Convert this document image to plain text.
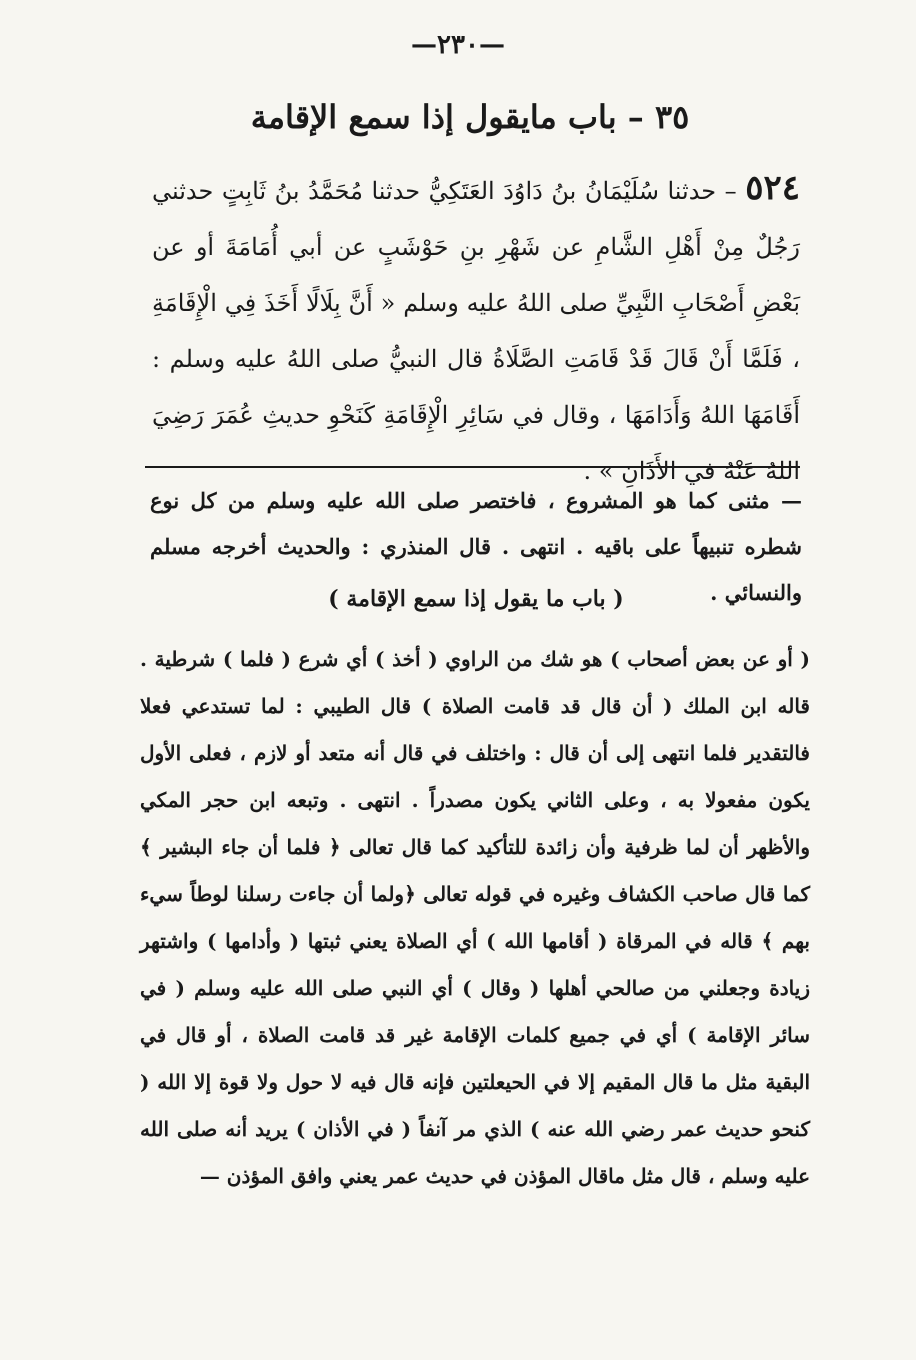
—٢٣٠—
٣٥ – باب مايقول إذا سمع الإقامة
٥٢٤ – حدثنا سُلَيْمَانُ بنُ دَاوُدَ العَتَكِيُّ حدثنا مُحَمَّدُ بنُ ثَابِتٍ حدثني رَجُلٌ مِنْ أَهْلِ الشَّامِ عن شَهْرِ بنِ حَوْشَبٍ عن أبي أُمَامَةَ أو عن بَعْضِ أَصْحَابِ النَّبِيِّ صلى اللهُ عليه وسلم « أَنَّ بِلَالًا أَخَذَ فِي الْإِقَامَةِ ، فَلَمَّا أَنْ قَالَ قَدْ قَامَتِ الصَّلَاةُ قال النبيُّ صلى اللهُ عليه وسلم : أَقَامَهَا اللهُ وَأَدَامَهَا ، وقال في سَائِرِ الْإِقَامَةِ كَنَحْوِ حديثِ عُمَرَ رَضِيَ اللهُ عَنْهُ في الأَذَانِ » .
— مثنى كما هو المشروع ، فاختصر صلى الله عليه وسلم من كل نوع شطره تنبيهاً على باقيه . انتهى . قال المنذري : والحديث أخرجه مسلم والنسائي .
( باب ما يقول إذا سمع الإقامة )
( أو عن بعض أصحاب ) هو شك من الراوي ( أخذ ) أي شرع ( فلما ) شرطية . قاله ابن الملك ( أن قال قد قامت الصلاة ) قال الطيبي : لما تستدعي فعلا فالتقدير فلما انتهى إلى أن قال : واختلف في قال أنه متعد أو لازم ، فعلى الأول يكون مفعولا به ، وعلى الثاني يكون مصدراً . انتهى . وتبعه ابن حجر المكي والأظهر أن لما ظرفية وأن زائدة للتأكيد كما قال تعالى ﴿ فلما أن جاء البشير ﴾ كما قال صاحب الكشاف وغيره في قوله تعالى ﴿ولما أن جاءت رسلنا لوطاً سيء بهم ﴾ قاله في المرقاة ( أقامها الله ) أي الصلاة يعني ثبتها ( وأدامها ) واشتهر زيادة وجعلني من صالحي أهلها ( وقال ) أي النبي صلى الله عليه وسلم ( في سائر الإقامة ) أي في جميع كلمات الإقامة غير قد قامت الصلاة ، أو قال في البقية مثل ما قال المقيم إلا في الحيعلتين فإنه قال فيه لا حول ولا قوة إلا الله ( كنحو حديث عمر رضي الله عنه ) الذي مر آنفاً ( في الأذان ) يريد أنه صلى الله عليه وسلم ، قال مثل ماقال المؤذن في حديث عمر يعني وافق المؤذن —
